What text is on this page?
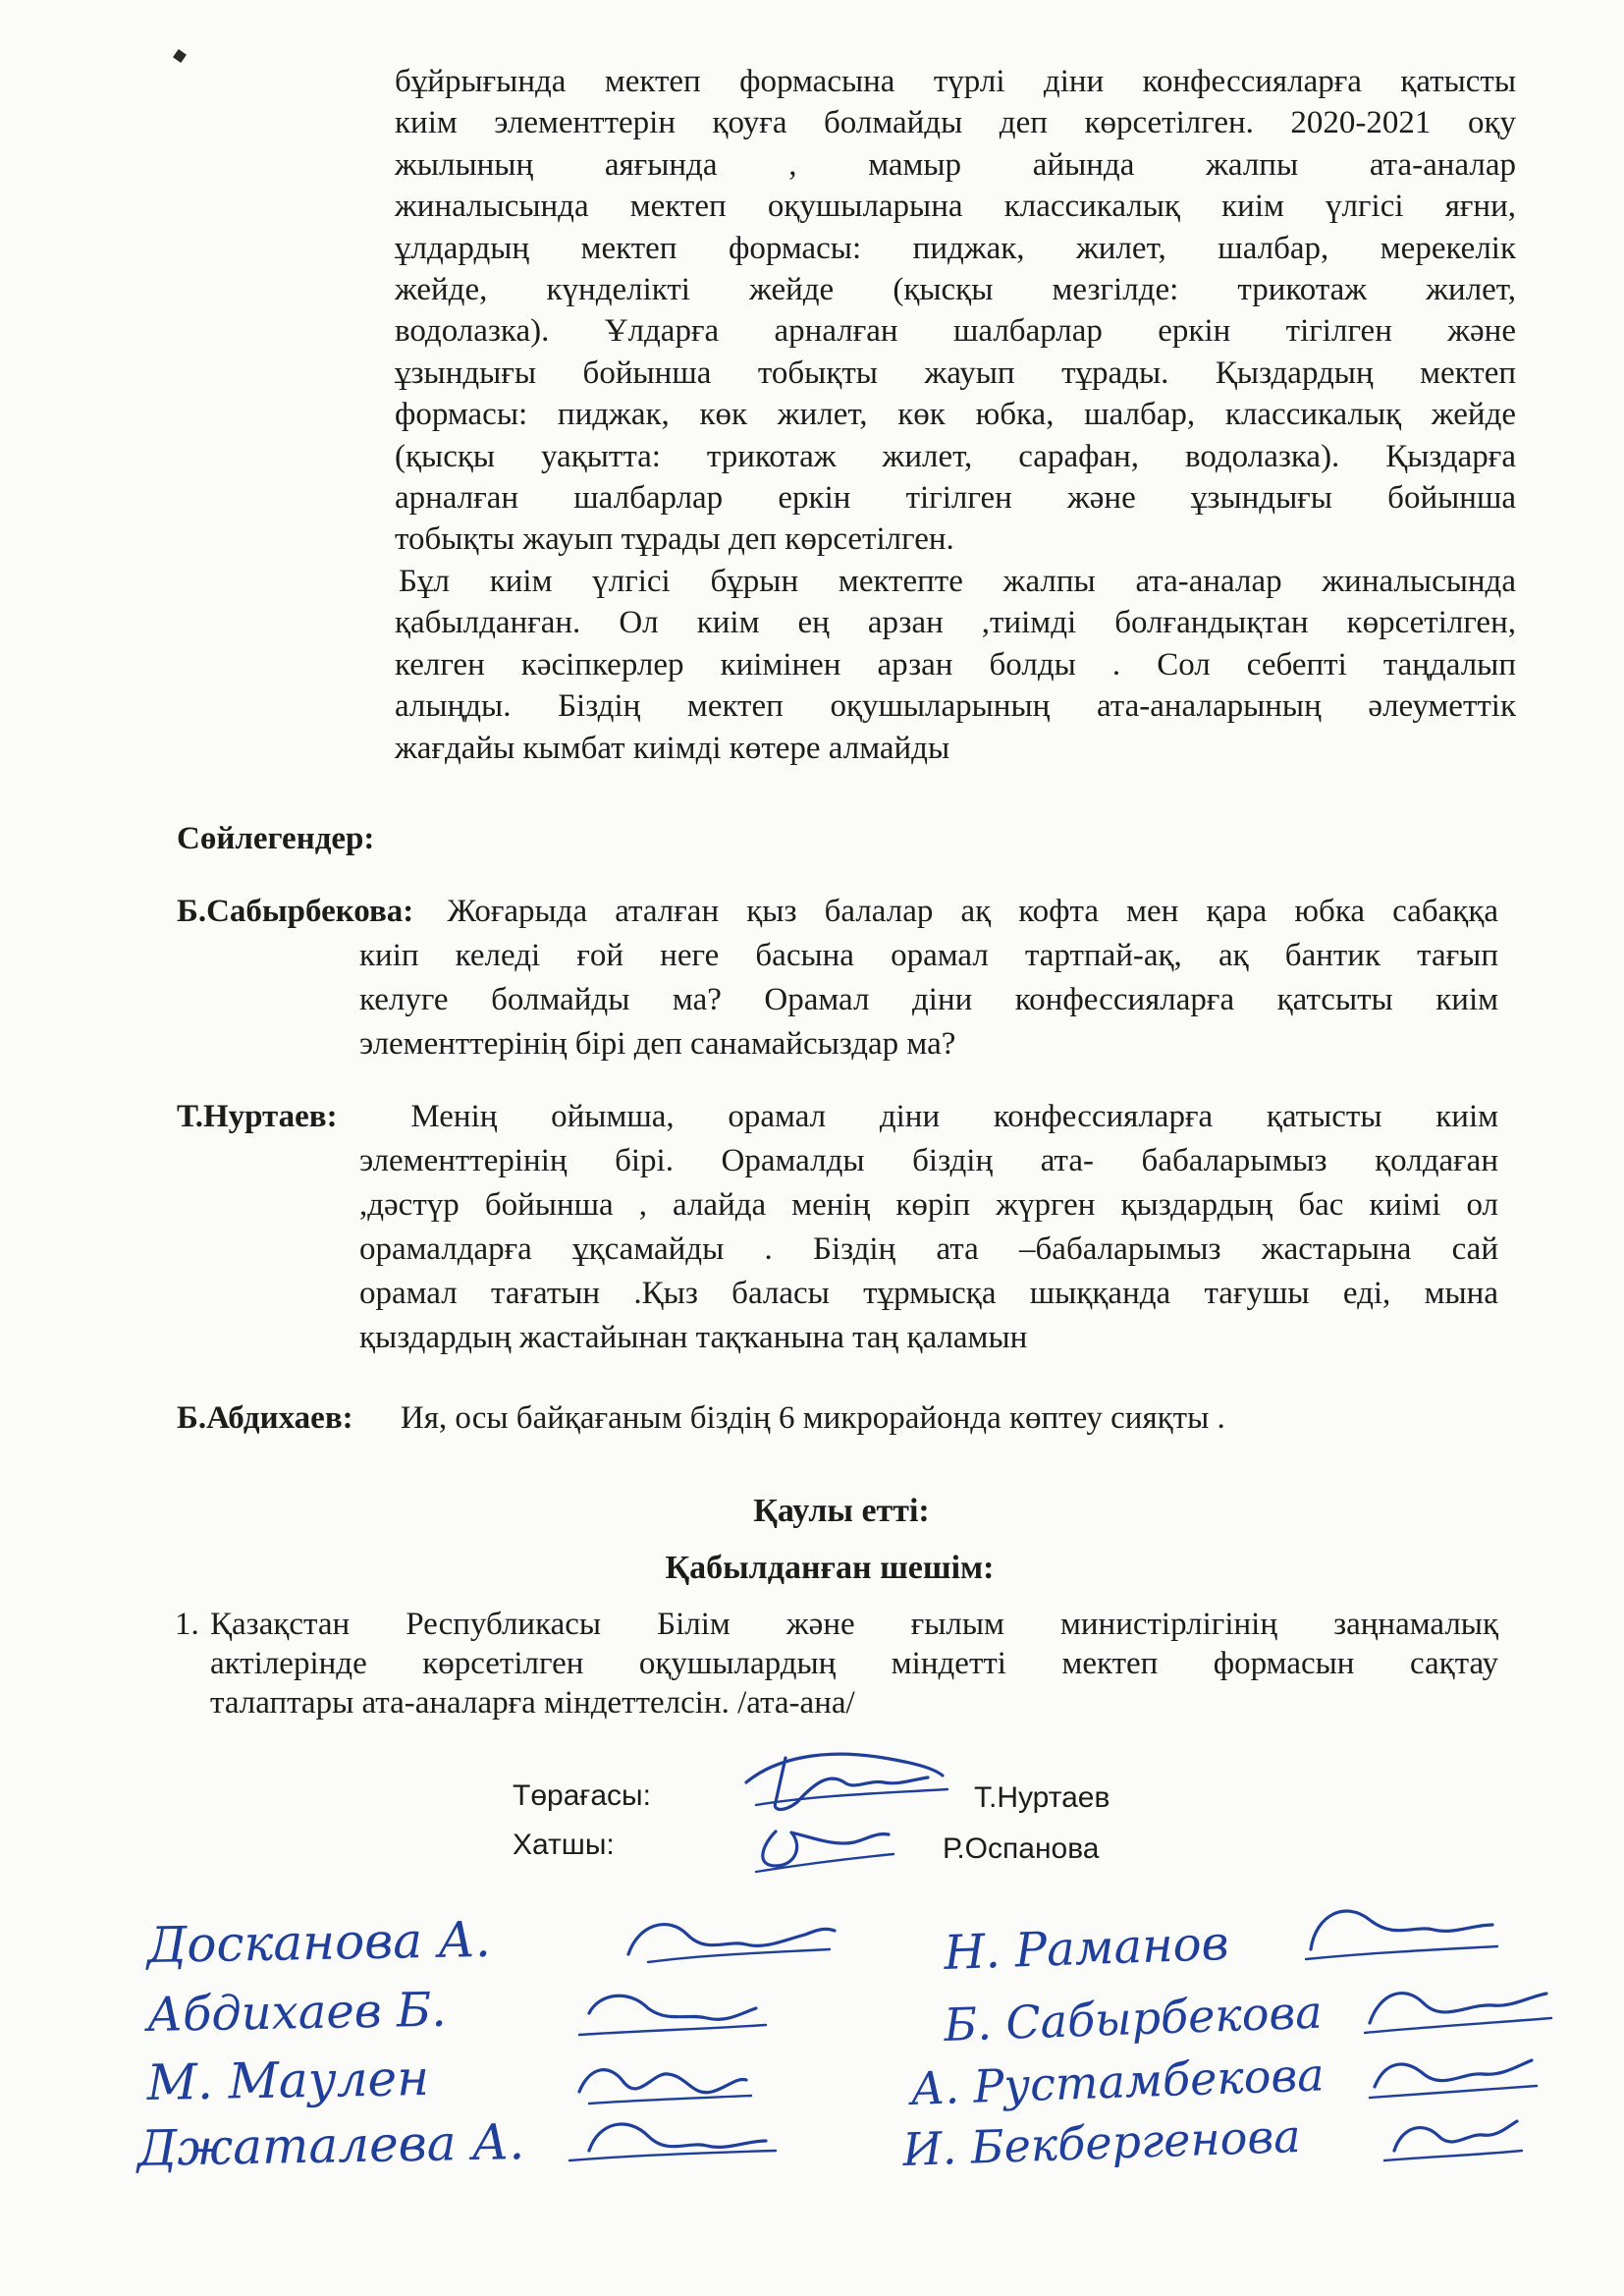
бұйрығында мектеп формасына түрлі діни конфессияларға қатысты
киім элементтерін қоуға болмайды деп көрсетілген. 2020-2021 оқу
жылының аяғында , мамыр айында жалпы ата-аналар
жиналысында мектеп оқушыларына классикалық киім үлгісі яғни,
ұлдардың мектеп формасы: пиджак, жилет, шалбар, мерекелік
жейде, күнделікті жейде (қысқы мезгілде: трикотаж жилет,
водолазка). Ұлдарға арналған шалбарлар еркін тігілген және
ұзындығы бойынша тобықты жауып тұрады. Қыздардың мектеп
формасы: пиджак, көк жилет, көк юбка, шалбар, классикалық жейде
(қысқы уақытта: трикотаж жилет, сарафан, водолазка). Қыздарға
арналған шалбарлар еркін тігілген және ұзындығы бойынша
тобықты жауып тұрады деп көрсетілген.
Бұл киім үлгісі бұрын мектепте жалпы ата-аналар жиналысында
қабылданған. Ол киім ең арзан ,тиімді болғандықтан көрсетілген,
келген кәсіпкерлер киімінен арзан болды . Сол себепті таңдалып
алыңды. Біздің мектеп оқушыларының ата-аналарының әлеуметтік
жағдайы кымбат киімді көтере алмайды

Сөйлегендер:

Б.Сабырбекова: Жоғарыда аталған қыз балалар ақ кофта мен қара юбка сабаққа
киіп келеді ғой неге басына орамал тартпай-ақ, ақ бантик тағып
келуге болмайды ма? Орамал діни конфессияларға қатсыты киім
элементтерінің бірі деп санамайсыздар ма?
Т.Нуртаев: Менің ойымша, орамал діни конфессияларға қатысты киім
элементтерінің бірі. Орамалды біздің ата- бабаларымыз қолдаған
,дәстүр бойынша , алайда менің көріп жүрген қыздардың бас киімі ол
орамалдарға ұқсамайды . Біздің ата –бабаларымыз жастарына сай
орамал тағатын .Қыз баласы тұрмысқа шыққанда тағушы еді, мына
қыздардың жастайынан тақҡанына таң қаламын
Б.Абдихаев: Ия, осы байқағаным біздің 6 микрорайонда көптеу сияқты .

Қаулы етті:

Қабылданған шешім:

1. Қазақстан Республикасы Білім және ғылым министірлігінің заңнамалық
актілерінде көрсетілген оқушылардың міндетті мектеп формасын сақтау
талаптары ата-аналарға міндеттелсін. /ата-ана/

Төрағасы:	Т.Нуртаев

Хатшы:	Р.Оспанова

Досканова А.
Абдихаев Б.
М. Маулен
Джаталева А.
Н. Раманов
Б. Сабырбекова
А. Рустамбекова
И. Бекбергенова
